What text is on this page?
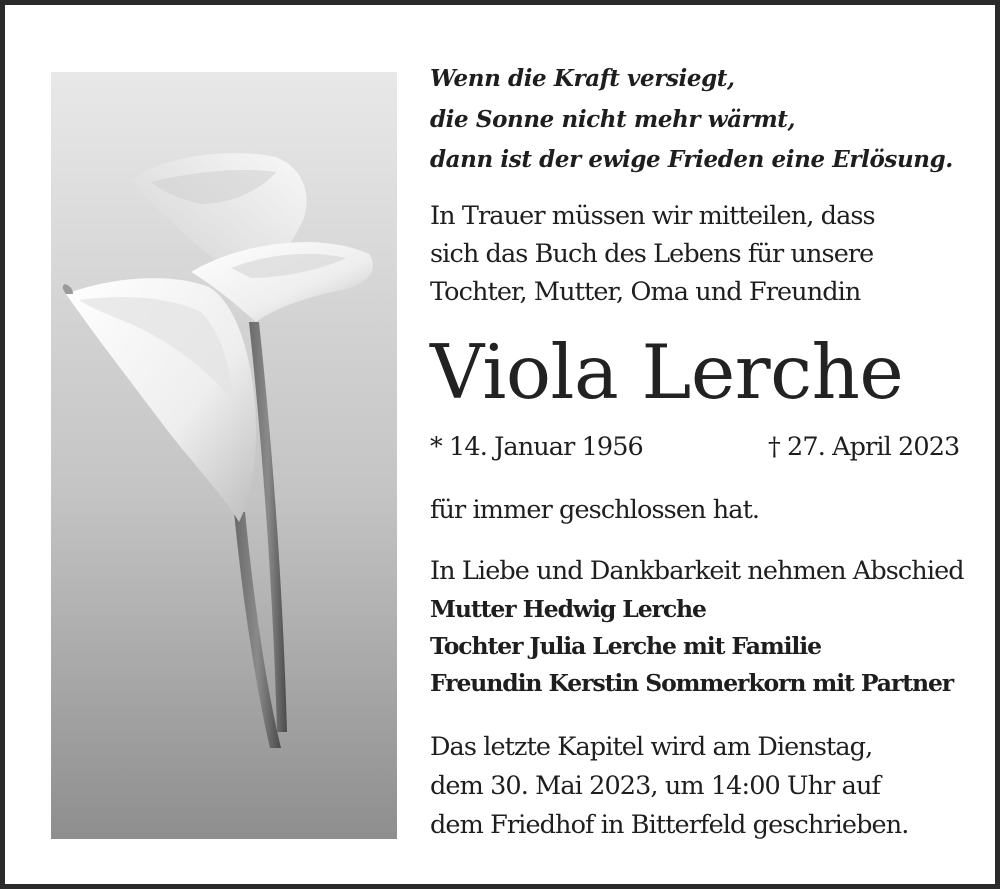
Wenn die Kraft versiegt,
die Sonne nicht mehr wärmt,
dann ist der ewige Frieden eine Erlösung.
In Trauer müssen wir mitteilen, dass
sich das Buch des Lebens für unsere
Tochter, Mutter, Oma und Freundin
Viola Lerche
* 14. Januar 1956	† 27. April 2023
für immer geschlossen hat.
In Liebe und Dankbarkeit nehmen Abschied
Mutter Hedwig Lerche
Tochter Julia Lerche mit Familie
Freundin Kerstin Sommerkorn mit Partner
Das letzte Kapitel wird am Dienstag,
dem 30. Mai 2023, um 14:00 Uhr auf
dem Friedhof in Bitterfeld geschrieben.
